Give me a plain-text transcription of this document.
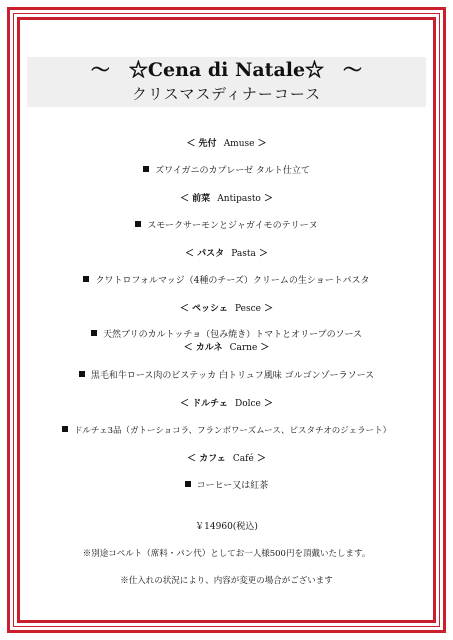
～　☆Cena di Natale☆　～
クリスマスディナーコース
＜ 先付 Amuse ＞
ズワイガニのカプレーゼ タルト仕立て
＜ 前菜 Antipasto ＞
スモークサーモンとジャガイモのテリーヌ
＜ パスタ Pasta ＞
クワトロフォルマッジ（4種のチーズ）クリームの生ショートパスタ
＜ ペッシェ Pesce ＞
天然ブリのカルトッチョ（包み焼き）トマトとオリーブのソース
＜ カルネ Carne ＞
黒毛和牛ロース肉のビステッカ 白トリュフ風味 ゴルゴンゾーラソース
＜ ドルチェ Dolce ＞
ドルチェ3品（ガトーショコラ、フランボワーズムース、ピスタチオのジェラート）
＜ カフェ Café ＞
コーヒー又は紅茶
￥14960(税込)
※別途コペルト（席料・パン代）としてお一人様500円を頂戴いたします。
※仕入れの状況により、内容が変更の場合がございます
